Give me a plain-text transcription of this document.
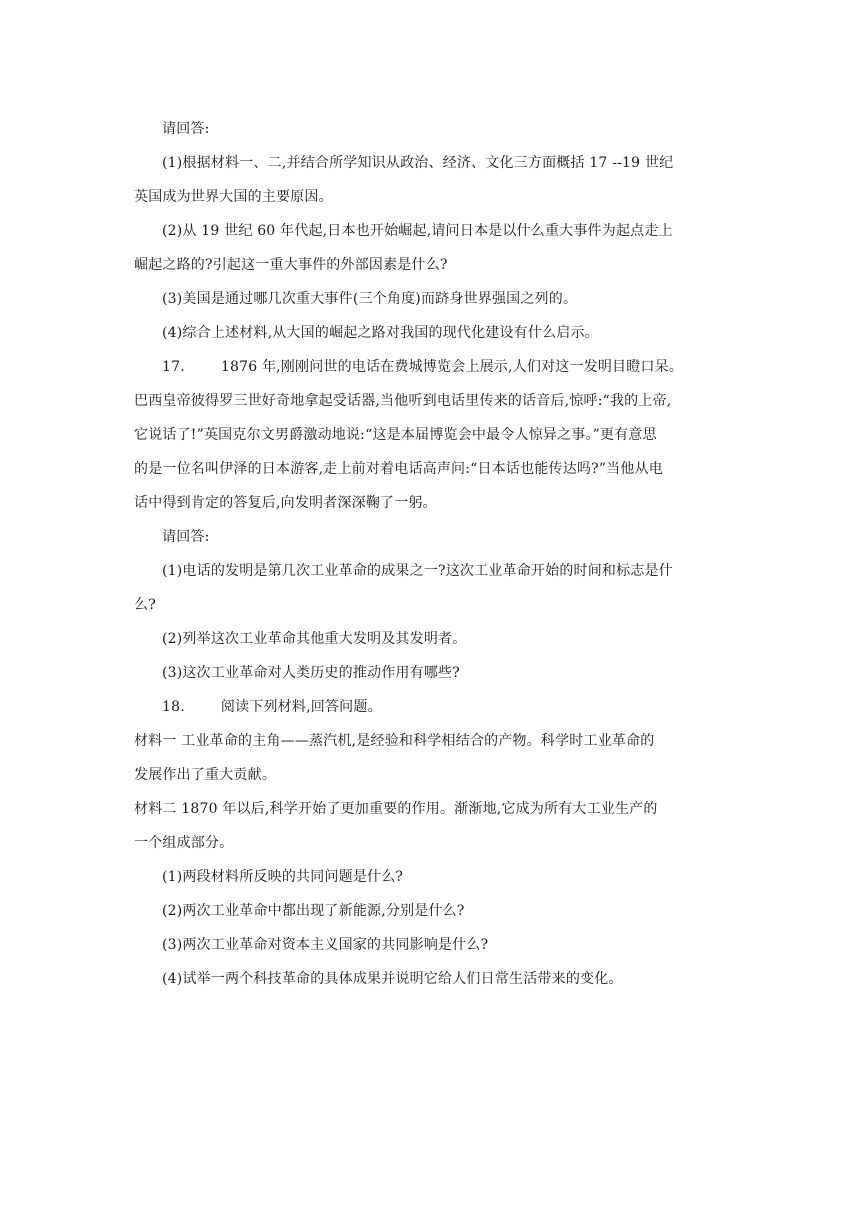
请回答:
(1)根据材料一、二,并结合所学知识从政治、经济、文化三方面概括 17 --19 世纪
英国成为世界大国的主要原因。
(2)从 19 世纪 60 年代起,日本也开始崛起,请问日本是以什么重大事件为起点走上
崛起之路的?引起这一重大事件的外部因素是什么?
(3)美国是通过哪几次重大事件(三个角度)而跻身世界强国之列的。
(4)综合上述材料,从大国的崛起之路对我国的现代化建设有什么启示。
17.	1876 年,刚刚问世的电话在费城博览会上展示,人们对这一发明目瞪口呆。
巴西皇帝彼得罗三世好奇地拿起受话器,当他听到电话里传来的话音后,惊呼:“我的上帝,
它说话了!”英国克尔文男爵激动地说:“这是本届博览会中最令人惊异之事。”更有意思
的是一位名叫伊泽的日本游客,走上前对着电话高声问:“日本话也能传达吗?”当他从电
话中得到肯定的答复后,向发明者深深鞠了一躬。
请回答:
(1)电话的发明是第几次工业革命的成果之一?这次工业革命开始的时间和标志是什
么?
(2)列举这次工业革命其他重大发明及其发明者。
(3)这次工业革命对人类历史的推动作用有哪些?
18.	阅读下列材料,回答问题。
材料一 工业革命的主角——蒸汽机,是经验和科学相结合的产物。科学时工业革命的
发展作出了重大贡献。
材料二 1870 年以后,科学开始了更加重要的作用。渐渐地,它成为所有大工业生产的
一个组成部分。
(1)两段材料所反映的共同问题是什么?
(2)两次工业革命中都出现了新能源,分别是什么?
(3)两次工业革命对资本主义国家的共同影响是什么?
(4)试举一两个科技革命的具体成果并说明它给人们日常生活带来的变化。
